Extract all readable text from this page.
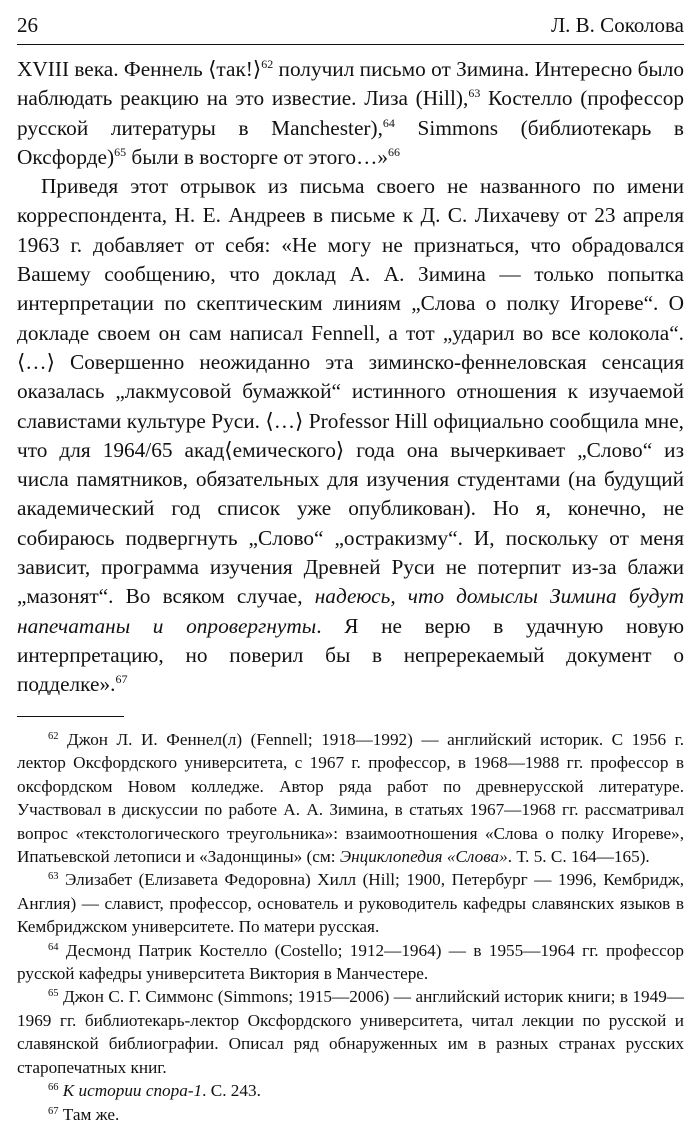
26	Л. В. Соколова

XVIII века. Феннель ⟨так!⟩$^{62}$ получил письмо от Зимина. Интересно было наблюдать реакцию на это известие. Лиза (Hill),$^{63}$ Костелло (профессор русской литературы в Manchester),$^{64}$ Simmons (библиотекарь в Оксфорде)$^{65}$ были в восторге от этого…»$^{66}$

Приведя этот отрывок из письма своего не названного по имени корреспондента, Н. Е. Андреев в письме к Д. С. Лихачеву от 23 апреля 1963 г. добавляет от себя: «Не могу не признаться, что обрадовался Вашему сообщению, что доклад А. А. Зимина — только попытка интерпретации по скептическим линиям „Слова о полку Игореве“. О докладе своем он сам написал Fennell, а тот „ударил во все колокола“. ⟨…⟩ Совершенно неожиданно эта зиминско-феннеловская сенсация оказалась „лакмусовой бумажкой“ истинного отношения к изучаемой славистами культуре Руси. ⟨…⟩ Professor Hill официально сообщила мне, что для 1964/65 акад⟨емического⟩ года она вычеркивает „Слово“ из числа памятников, обязательных для изучения студентами (на будущий академический год список уже опубликован). Но я, конечно, не собираюсь подвергнуть „Слово“ „остракизму“. И, поскольку от меня зависит, программа изучения Древней Руси не потерпит из-за блажи „мазонят“. Во всяком случае, надеюсь, что домыслы Зимина будут напечатаны и опровергнуты. Я не верю в удачную новую интерпретацию, но поверил бы в непререкаемый документ о подделке».$^{67}$

$^{62}$ Джон Л. И. Феннел(л) (Fennell; 1918—1992) — английский историк. С 1956 г. лектор Оксфордского университета, с 1967 г. профессор, в 1968—1988 гг. профессор в оксфордском Новом колледже. Автор ряда работ по древнерусской литературе. Участвовал в дискуссии по работе А. А. Зимина, в статьях 1967—1968 гг. рассматривал вопрос «текстологического треугольника»: взаимоотношения «Слова о полку Игореве», Ипатьевской летописи и «Задонщины» (см: Энциклопедия «Слова». Т. 5. С. 164—165).

$^{63}$ Элизабет (Елизавета Федоровна) Хилл (Hill; 1900, Петербург — 1996, Кембридж, Англия) — славист, профессор, основатель и руководитель кафедры славянских языков в Кембриджском университете. По матери русская.

$^{64}$ Десмонд Патрик Костелло (Costello; 1912—1964) — в 1955—1964 гг. профессор русской кафедры университета Виктория в Манчестере.

$^{65}$ Джон С. Г. Симмонс (Simmons; 1915—2006) — английский историк книги; в 1949—1969 гг. библиотекарь-лектор Оксфордского университета, читал лекции по русской и славянской библиографии. Описал ряд обнаруженных им в разных странах русских старопечатных книг.

$^{66}$ К истории спора-1. С. 243.

$^{67}$ Там же.
